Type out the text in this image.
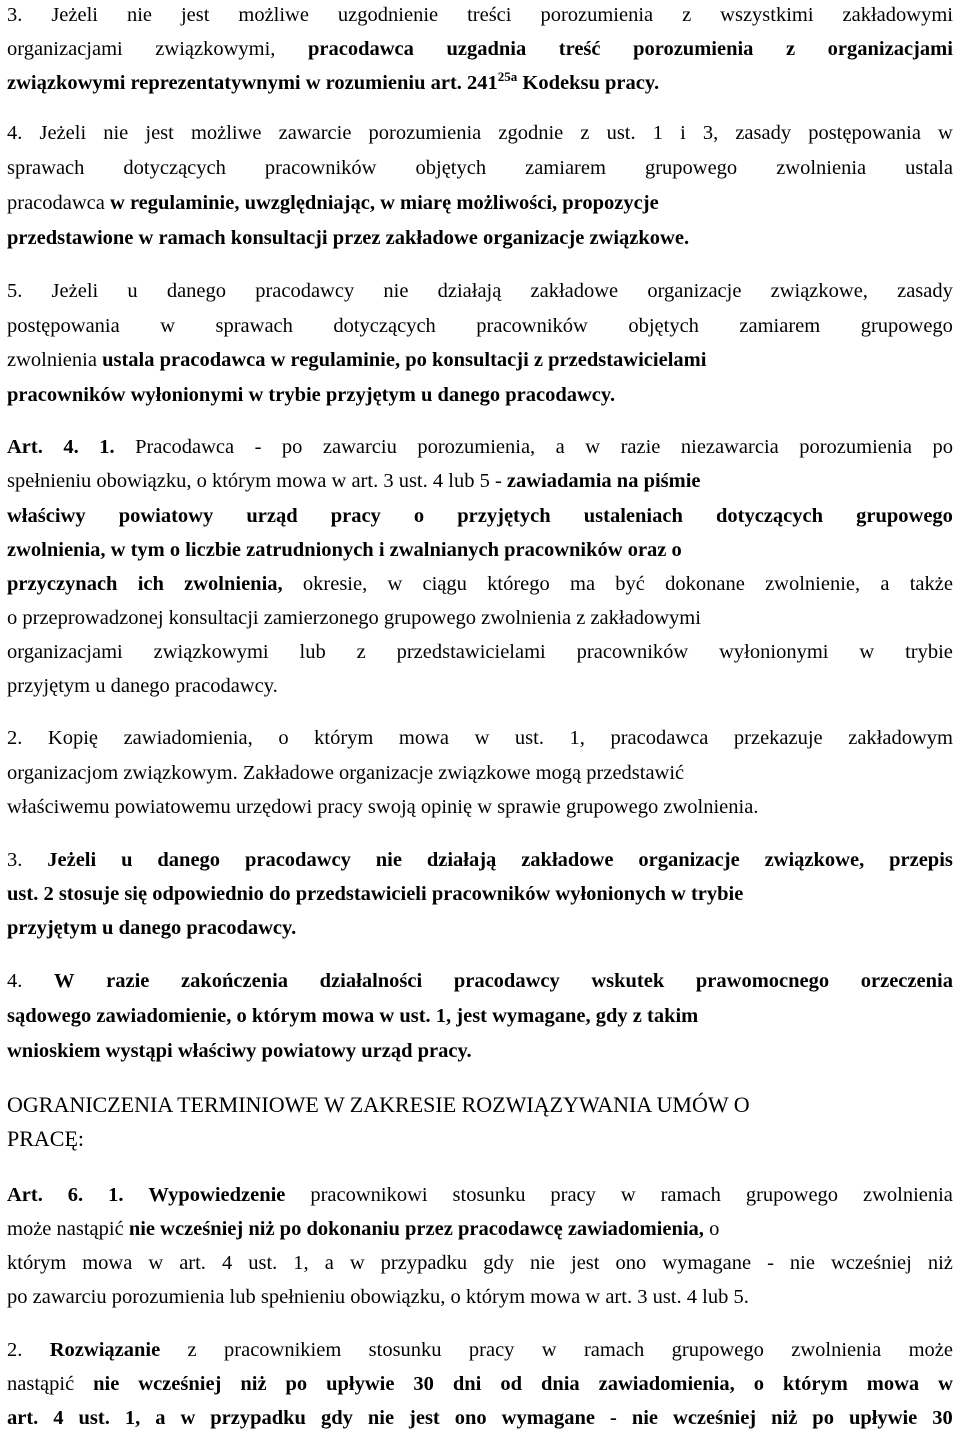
3. Jeżeli nie jest możliwe uzgodnienie treści porozumienia z wszystkimi zakładowymi
organizacjami związkowymi, pracodawca uzgadnia treść porozumienia z organizacjami
związkowymi reprezentatywnymi w rozumieniu art. $241^{25a}$ Kodeksu pracy.
4. Jeżeli nie jest możliwe zawarcie porozumienia zgodnie z ust. 1 i 3, zasady postępowania w
sprawach dotyczących pracowników objętych zamiarem grupowego zwolnienia ustala
pracodawca w regulaminie, uwzględniając, w miarę możliwości, propozycje
przedstawione w ramach konsultacji przez zakładowe organizacje związkowe.
5. Jeżeli u danego pracodawcy nie działają zakładowe organizacje związkowe, zasady
postępowania w sprawach dotyczących pracowników objętych zamiarem grupowego
zwolnienia ustala pracodawca w regulaminie, po konsultacji z przedstawicielami
pracowników wyłonionymi w trybie przyjętym u danego pracodawcy.
Art. 4. 1. Pracodawca - po zawarciu porozumienia, a w razie niezawarcia porozumienia po
spełnieniu obowiązku, o którym mowa w art. 3 ust. 4 lub 5 - zawiadamia na piśmie
właściwy powiatowy urząd pracy o przyjętych ustaleniach dotyczących grupowego
zwolnienia, w tym o liczbie zatrudnionych i zwalnianych pracowników oraz o
przyczynach ich zwolnienia, okresie, w ciągu którego ma być dokonane zwolnienie, a także
o przeprowadzonej konsultacji zamierzonego grupowego zwolnienia z zakładowymi
organizacjami związkowymi lub z przedstawicielami pracowników wyłonionymi w trybie
przyjętym u danego pracodawcy.
2. Kopię zawiadomienia, o którym mowa w ust. 1, pracodawca przekazuje zakładowym
organizacjom związkowym. Zakładowe organizacje związkowe mogą przedstawić
właściwemu powiatowemu urzędowi pracy swoją opinię w sprawie grupowego zwolnienia.
3. Jeżeli u danego pracodawcy nie działają zakładowe organizacje związkowe, przepis
ust. 2 stosuje się odpowiednio do przedstawicieli pracowników wyłonionych w trybie
przyjętym u danego pracodawcy.
4. W razie zakończenia działalności pracodawcy wskutek prawomocnego orzeczenia
sądowego zawiadomienie, o którym mowa w ust. 1, jest wymagane, gdy z takim
wnioskiem wystąpi właściwy powiatowy urząd pracy.
OGRANICZENIA TERMINIOWE W ZAKRESIE ROZWIĄZYWANIA UMÓW O
PRACĘ:
Art. 6. 1. Wypowiedzenie pracownikowi stosunku pracy w ramach grupowego zwolnienia
może nastąpić nie wcześniej niż po dokonaniu przez pracodawcę zawiadomienia, o
którym mowa w art. 4 ust. 1, a w przypadku gdy nie jest ono wymagane - nie wcześniej niż
po zawarciu porozumienia lub spełnieniu obowiązku, o którym mowa w art. 3 ust. 4 lub 5.
2. Rozwiązanie z pracownikiem stosunku pracy w ramach grupowego zwolnienia może
nastąpić nie wcześniej niż po upływie 30 dni od dnia zawiadomienia, o którym mowa w
art. 4 ust. 1, a w przypadku gdy nie jest ono wymagane - nie wcześniej niż po upływie 30
